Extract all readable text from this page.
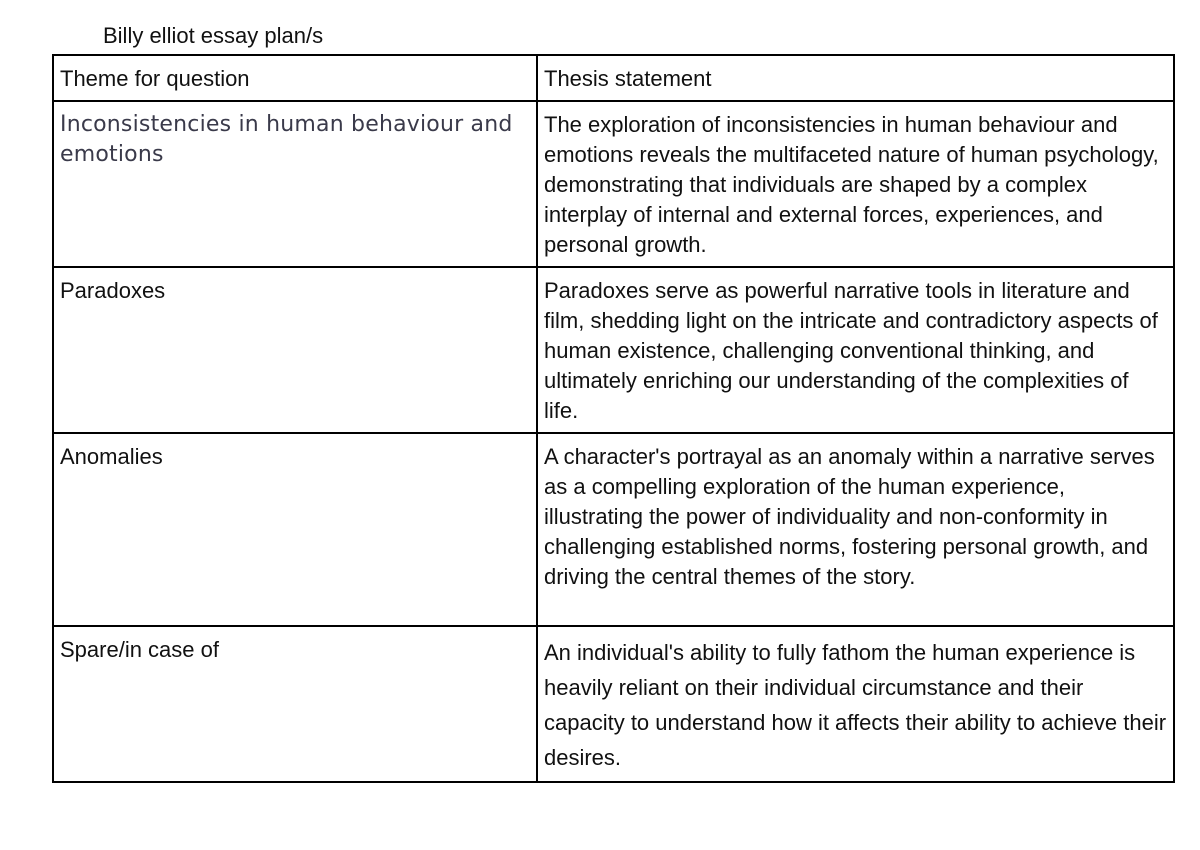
Billy elliot essay plan/s
Theme for question	Thesis statement
Inconsistencies in human behaviour and emotions	The exploration of inconsistencies in human behaviour and emotions reveals the multifaceted nature of human psychology, demonstrating that individuals are shaped by a complex interplay of internal and external forces, experiences, and personal growth.
Paradoxes	Paradoxes serve as powerful narrative tools in literature and film, shedding light on the intricate and contradictory aspects of human existence, challenging conventional thinking, and ultimately enriching our understanding of the complexities of life.
Anomalies	A character's portrayal as an anomaly within a narrative serves as a compelling exploration of the human experience, illustrating the power of individuality and non-conformity in challenging established norms, fostering personal growth, and driving the central themes of the story.
Spare/in case of	An individual's ability to fully fathom the human experience is heavily reliant on their individual circumstance and their capacity to understand how it affects their ability to achieve their desires.
